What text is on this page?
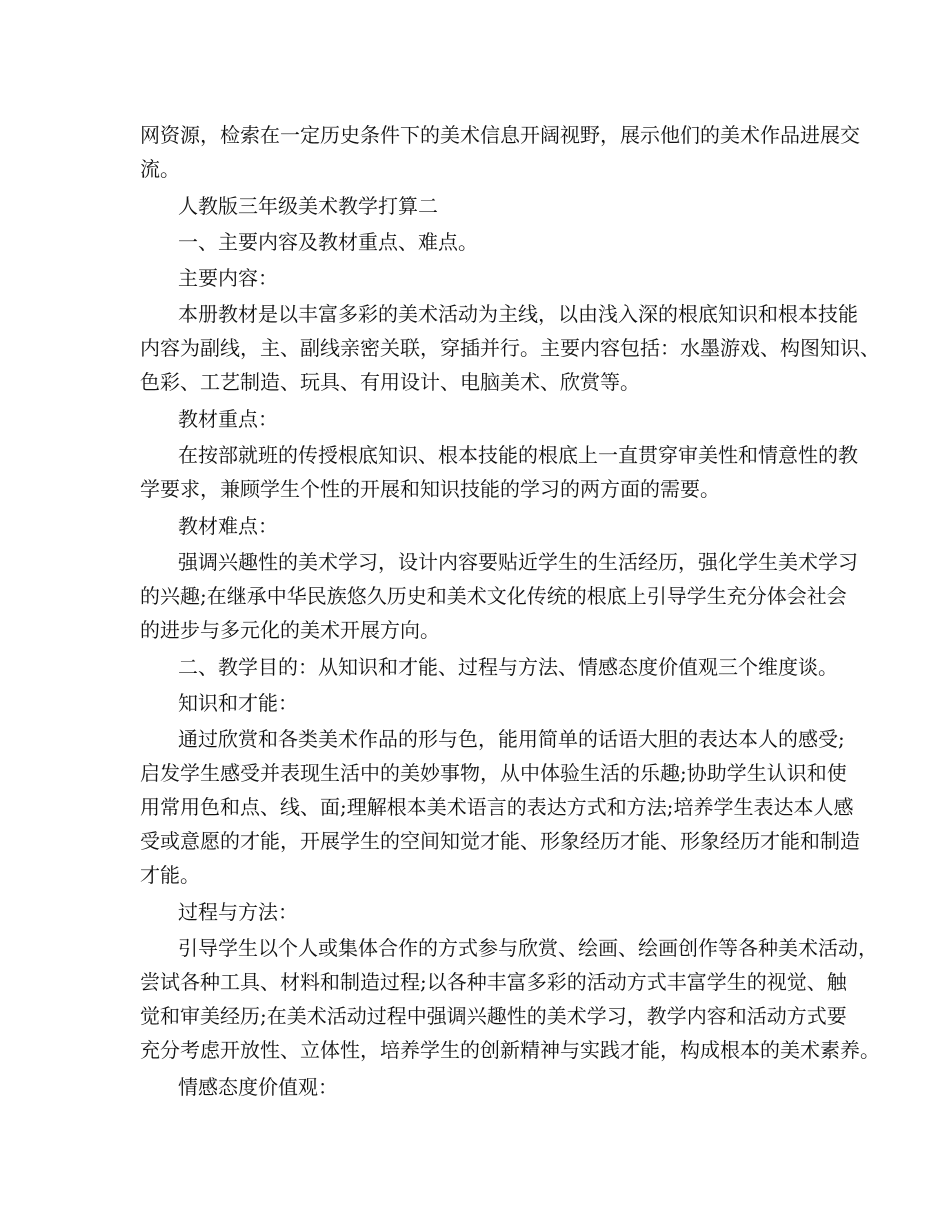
网资源，检索在一定历史条件下的美术信息开阔视野，展示他们的美术作品进展交
流。
人教版三年级美术教学打算二
一、主要内容及教材重点、难点。
主要内容：
本册教材是以丰富多彩的美术活动为主线，以由浅入深的根底知识和根本技能
内容为副线，主、副线亲密关联，穿插并行。主要内容包括：水墨游戏、构图知识、
色彩、工艺制造、玩具、有用设计、电脑美术、欣赏等。
教材重点：
在按部就班的传授根底知识、根本技能的根底上一直贯穿审美性和情意性的教
学要求，兼顾学生个性的开展和知识技能的学习的两方面的需要。
教材难点：
强调兴趣性的美术学习，设计内容要贴近学生的生活经历，强化学生美术学习
的兴趣;在继承中华民族悠久历史和美术文化传统的根底上引导学生充分体会社会
的进步与多元化的美术开展方向。
二、教学目的：从知识和才能、过程与方法、情感态度价值观三个维度谈。
知识和才能：
通过欣赏和各类美术作品的形与色，能用简单的话语大胆的表达本人的感受;
启发学生感受并表现生活中的美妙事物，从中体验生活的乐趣;协助学生认识和使
用常用色和点、线、面;理解根本美术语言的表达方式和方法;培养学生表达本人感
受或意愿的才能，开展学生的空间知觉才能、形象经历才能、形象经历才能和制造
才能。
过程与方法：
引导学生以个人或集体合作的方式参与欣赏、绘画、绘画创作等各种美术活动，
尝试各种工具、材料和制造过程;以各种丰富多彩的活动方式丰富学生的视觉、触
觉和审美经历;在美术活动过程中强调兴趣性的美术学习，教学内容和活动方式要
充分考虑开放性、立体性，培养学生的创新精神与实践才能，构成根本的美术素养。
情感态度价值观：
